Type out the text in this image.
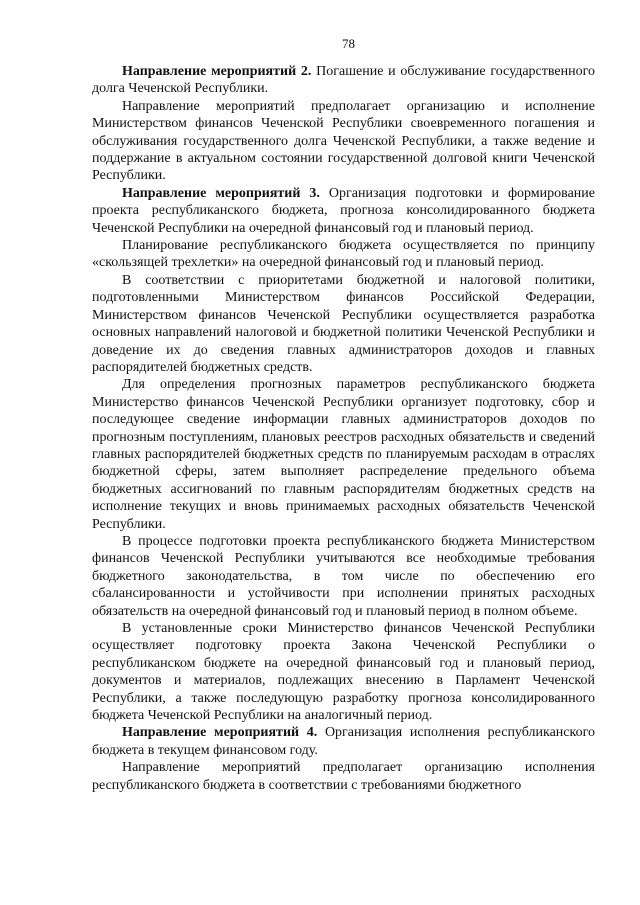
78

Направление мероприятий 2. Погашение и обслуживание государственного долга Чеченской Республики.

Направление мероприятий предполагает организацию и исполнение Министерством финансов Чеченской Республики своевременного погашения и обслуживания государственного долга Чеченской Республики, а также ведение и поддержание в актуальном состоянии государственной долговой книги Чеченской Республики.

Направление мероприятий 3. Организация подготовки и формирование проекта республиканского бюджета, прогноза консолидированного бюджета Чеченской Республики на очередной финансовый год и плановый период.

Планирование республиканского бюджета осуществляется по принципу «скользящей трехлетки» на очередной финансовый год и плановый период.

В соответствии с приоритетами бюджетной и налоговой политики, подготовленными Министерством финансов Российской Федерации, Министерством финансов Чеченской Республики осуществляется разработка основных направлений налоговой и бюджетной политики Чеченской Республики и доведение их до сведения главных администраторов доходов и главных распорядителей бюджетных средств.

Для определения прогнозных параметров республиканского бюджета Министерство финансов Чеченской Республики организует подготовку, сбор и последующее сведение информации главных администраторов доходов по прогнозным поступлениям, плановых реестров расходных обязательств и сведений главных распорядителей бюджетных средств по планируемым расходам в отраслях бюджетной сферы, затем выполняет распределение предельного объема бюджетных ассигнований по главным распорядителям бюджетных средств на исполнение текущих и вновь принимаемых расходных обязательств Чеченской Республики.

В процессе подготовки проекта республиканского бюджета Министерством финансов Чеченской Республики учитываются все необходимые требования бюджетного законодательства, в том числе по обеспечению его сбалансированности и устойчивости при исполнении принятых расходных обязательств на очередной финансовый год и плановый период в полном объеме.

В установленные сроки Министерство финансов Чеченской Республики осуществляет подготовку проекта Закона Чеченской Республики о республиканском бюджете на очередной финансовый год и плановый период, документов и материалов, подлежащих внесению в Парламент Чеченской Республики, а также последующую разработку прогноза консолидированного бюджета Чеченской Республики на аналогичный период.

Направление мероприятий 4. Организация исполнения республиканского бюджета в текущем финансовом году.

Направление мероприятий предполагает организацию исполнения республиканского бюджета в соответствии с требованиями бюджетного
